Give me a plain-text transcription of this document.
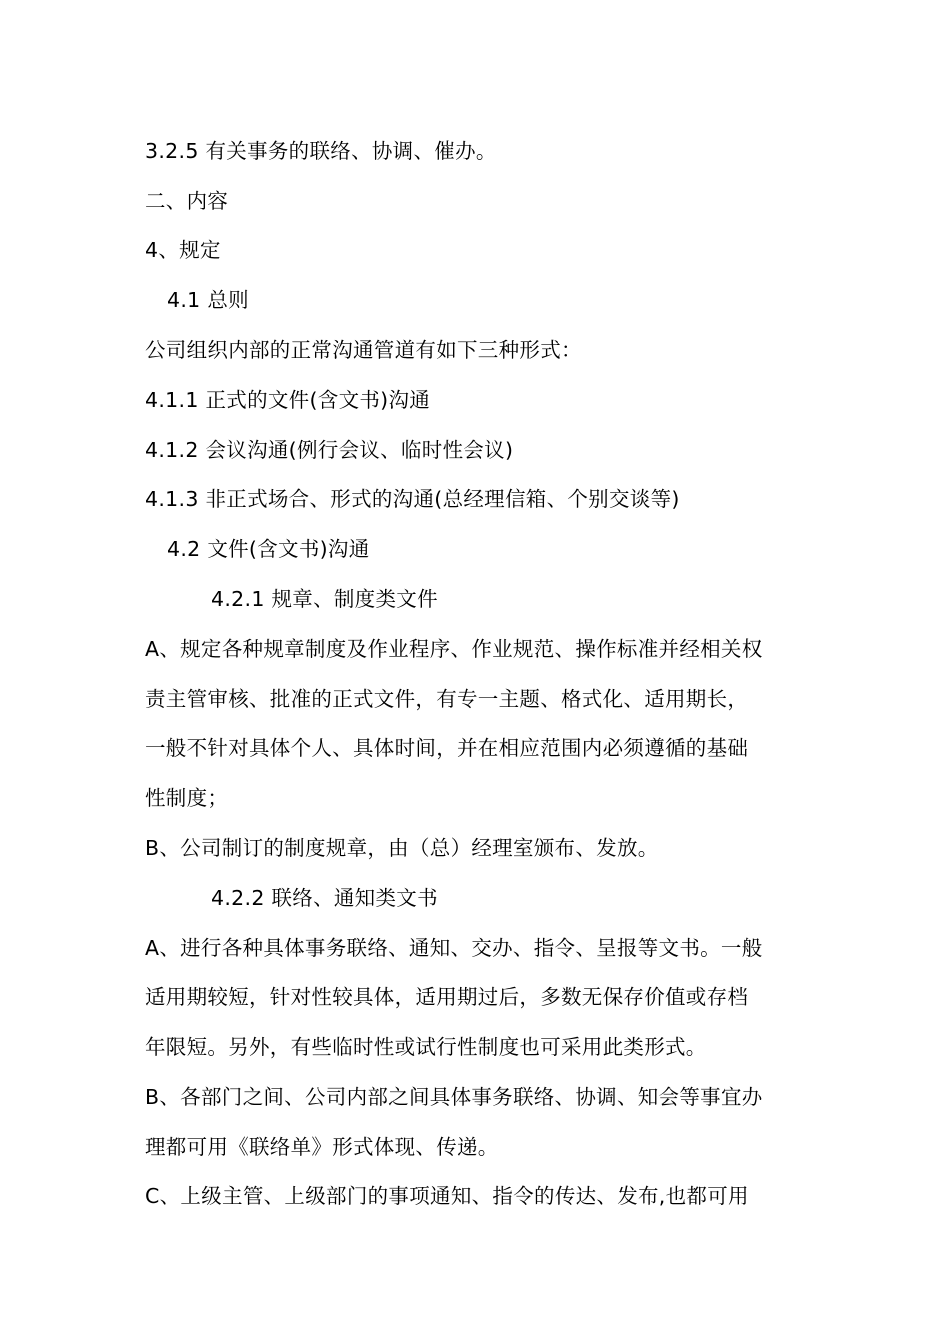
3.2.5 有关事务的联络、协调、催办。
二、内容
4、规定
4.1 总则
公司组织内部的正常沟通管道有如下三种形式：
4.1.1 正式的文件(含文书)沟通
4.1.2 会议沟通(例行会议、临时性会议)
4.1.3 非正式场合、形式的沟通(总经理信箱、个别交谈等)
4.2 文件(含文书)沟通
4.2.1 规章、制度类文件
A、规定各种规章制度及作业程序、作业规范、操作标准并经相关权
责主管审核、批准的正式文件，有专一主题、格式化、适用期长，
一般不针对具体个人、具体时间，并在相应范围内必须遵循的基础
性制度；
B、公司制订的制度规章，由（总）经理室颁布、发放。
4.2.2 联络、通知类文书
A、进行各种具体事务联络、通知、交办、指令、呈报等文书。一般
适用期较短，针对性较具体，适用期过后，多数无保存价值或存档
年限短。另外，有些临时性或试行性制度也可采用此类形式。
B、各部门之间、公司内部之间具体事务联络、协调、知会等事宜办
理都可用《联络单》形式体现、传递。
C、上级主管、上级部门的事项通知、指令的传达、发布,也都可用
